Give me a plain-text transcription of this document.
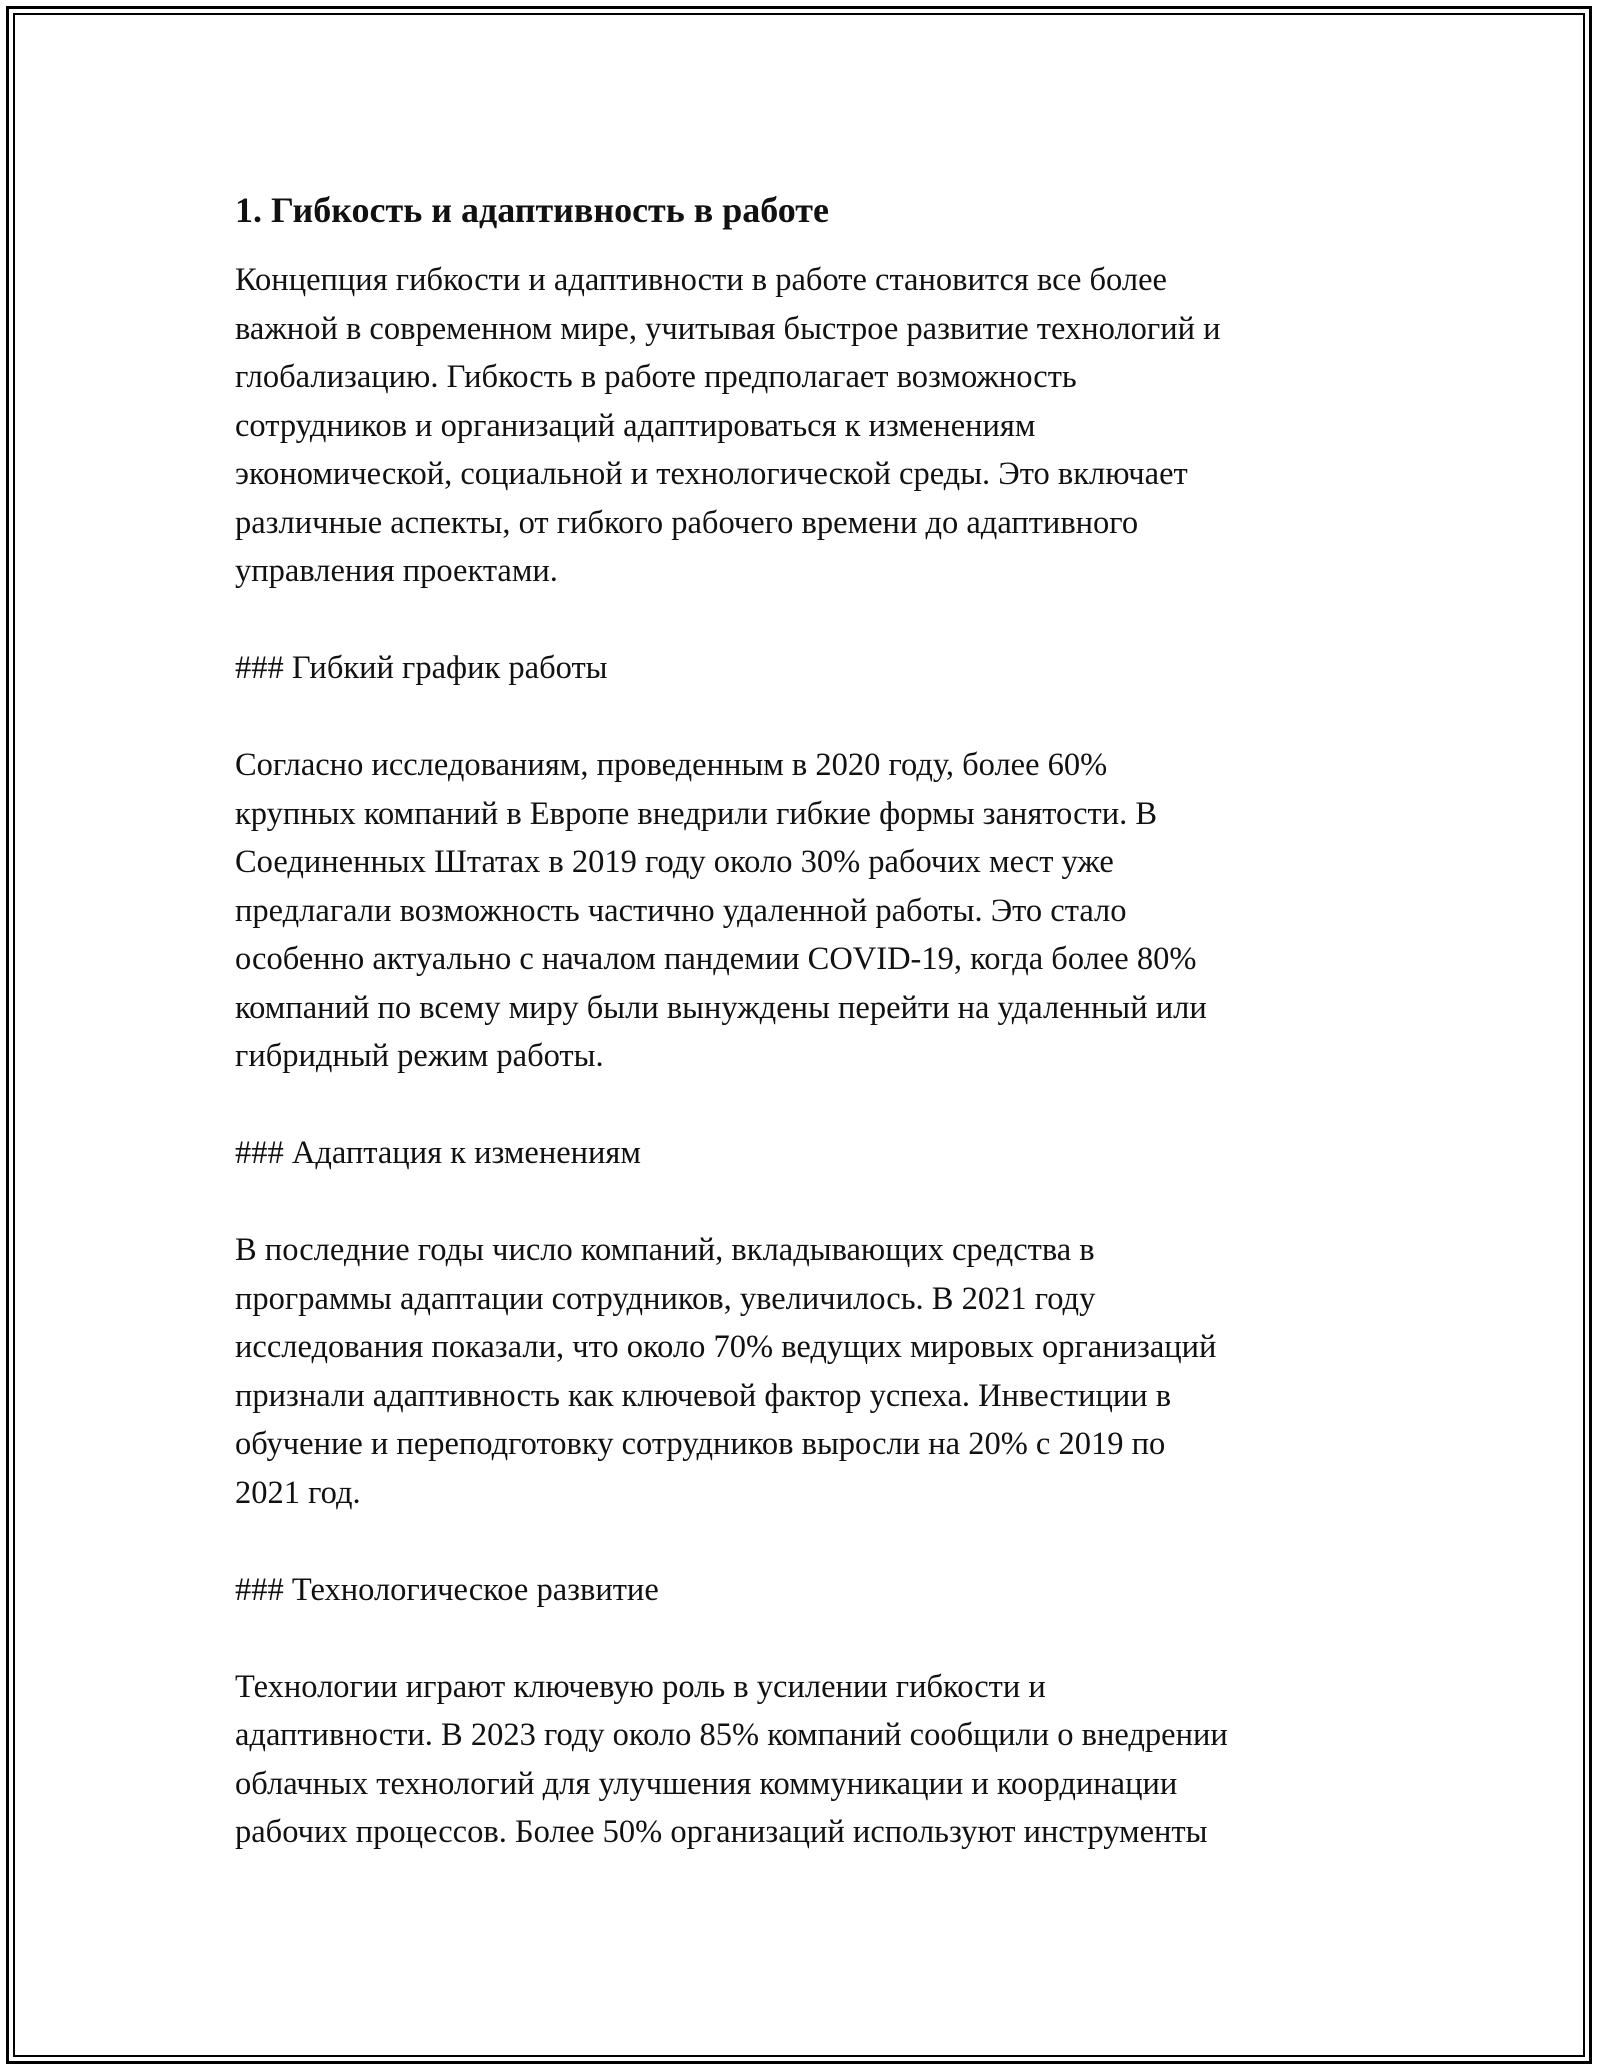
1. Гибкость и адаптивность в работе

Концепция гибкости и адаптивности в работе становится все более
важной в современном мире, учитывая быстрое развитие технологий и
глобализацию. Гибкость в работе предполагает возможность
сотрудников и организаций адаптироваться к изменениям
экономической, социальной и технологической среды. Это включает
различные аспекты, от гибкого рабочего времени до адаптивного
управления проектами.

### Гибкий график работы

Согласно исследованиям, проведенным в 2020 году, более 60%
крупных компаний в Европе внедрили гибкие формы занятости. В
Соединенных Штатах в 2019 году около 30% рабочих мест уже
предлагали возможность частично удаленной работы. Это стало
особенно актуально с началом пандемии COVID-19, когда более 80%
компаний по всему миру были вынуждены перейти на удаленный или
гибридный режим работы.

### Адаптация к изменениям

В последние годы число компаний, вкладывающих средства в
программы адаптации сотрудников, увеличилось. В 2021 году
исследования показали, что около 70% ведущих мировых организаций
признали адаптивность как ключевой фактор успеха. Инвестиции в
обучение и переподготовку сотрудников выросли на 20% с 2019 по
2021 год.

### Технологическое развитие

Технологии играют ключевую роль в усилении гибкости и
адаптивности. В 2023 году около 85% компаний сообщили о внедрении
облачных технологий для улучшения коммуникации и координации
рабочих процессов. Более 50% организаций используют инструменты
